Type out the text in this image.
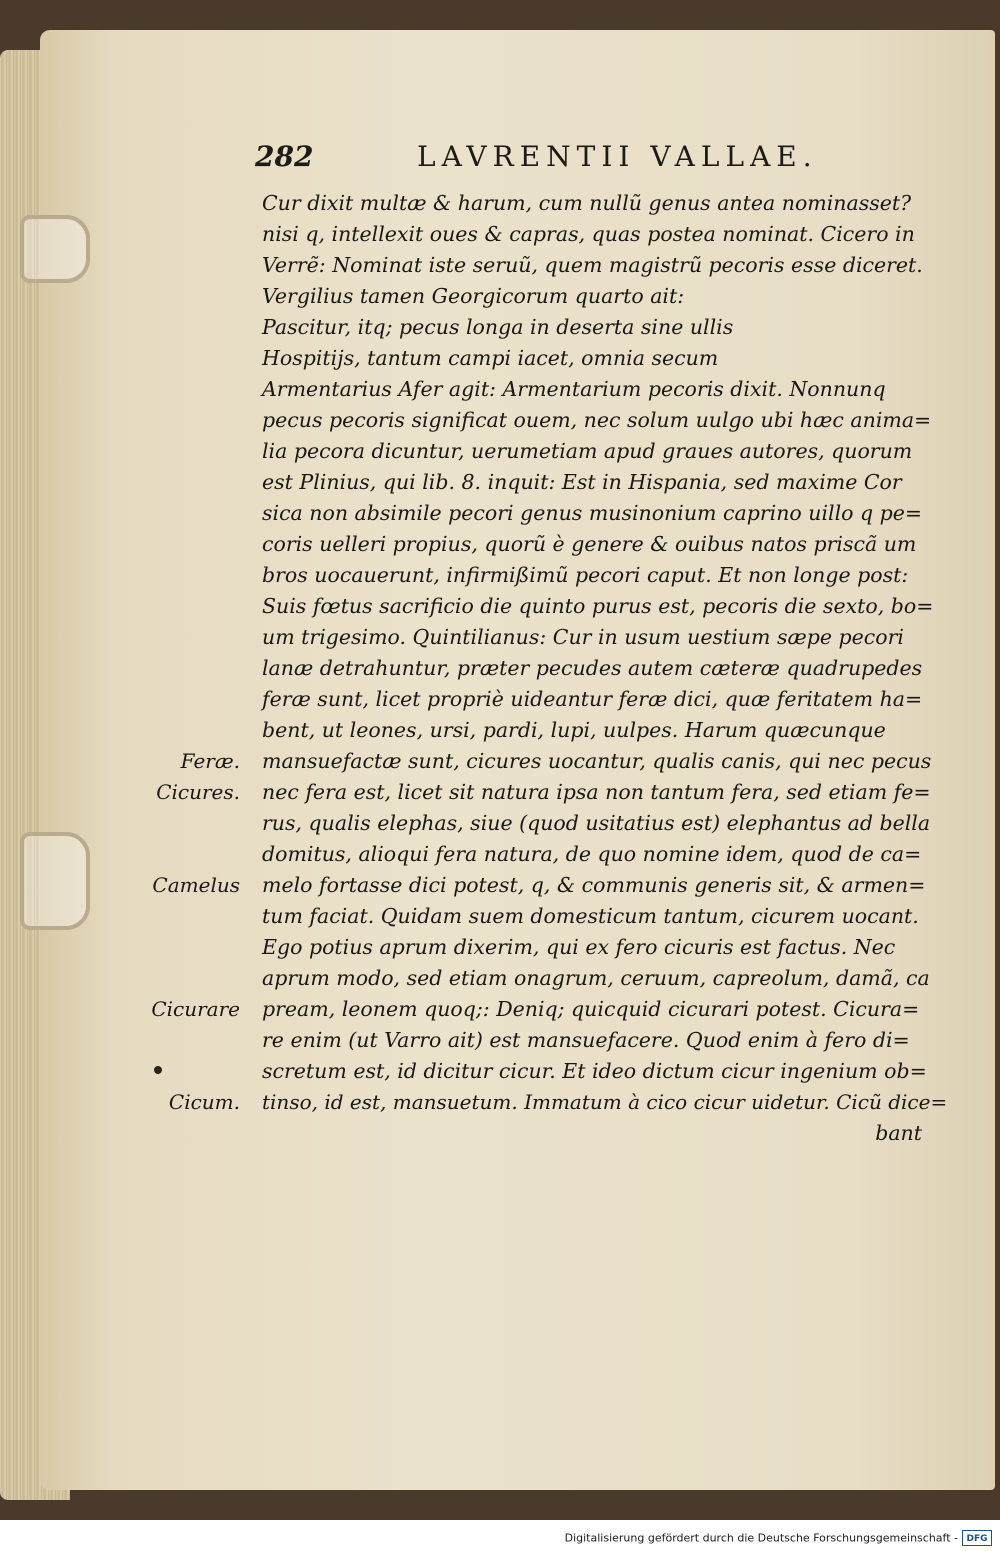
282	LAVRENTII VALLAE.
Cur dixit multæ & harum, cum nullũ genus antea nominasset?
nisi q, intellexit oues & capras, quas postea nominat. Cicero in
Verrẽ: Nominat iste seruũ, quem magistrũ pecoris esse diceret.
Vergilius tamen Georgicorum quarto ait:
Pascitur, itq; pecus longa in deserta sine ullis
Hospitijs, tantum campi iacet, omnia secum
Armentarius Afer agit: Armentarium pecoris dixit. Nonnunq
pecus pecoris significat ouem, nec solum uulgo ubi hæc anima=
lia pecora dicuntur, uerumetiam apud graues autores, quorum
est Plinius, qui lib. 8. inquit: Est in Hispania, sed maxime Cor
sica non absimile pecori genus musinonium caprino uillo q pe=
coris uelleri propius, quorũ è genere & ouibus natos priscã um
bros uocauerunt, infirmißimũ pecori caput. Et non longe post:
Suis fœtus sacrificio die quinto purus est, pecoris die sexto, bo=
um trigesimo. Quintilianus: Cur in usum uestium sæpe pecori
lanæ detrahuntur, præter pecudes autem cæteræ quadrupedes
feræ sunt, licet propriè uideantur feræ dici, quæ feritatem ha=
bent, ut leones, ursi, pardi, lupi, uulpes. Harum quæcunque
mansuefactæ sunt, cicures uocantur, qualis canis, qui nec pecus
nec fera est, licet sit natura ipsa non tantum fera, sed etiam fe=
rus, qualis elephas, siue (quod usitatius est) elephantus ad bella
domitus, alioqui fera natura, de quo nomine idem, quod de ca=
melo fortasse dici potest, q, & communis generis sit, & armen=
tum faciat. Quidam suem domesticum tantum, cicurem uocant.
Ego potius aprum dixerim, qui ex fero cicuris est factus. Nec
aprum modo, sed etiam onagrum, ceruum, capreolum, damã, ca
pream, leonem quoq;: Deniq; quicquid cicurari potest. Cicura=
re enim (ut Varro ait) est mansuefacere. Quod enim à fero di=
scretum est, id dicitur cicur. Et ideo dictum cicur ingenium ob=
tinso, id est, mansuetum. Immatum à cico cicur uidetur. Cicũ dice=
bant
Feræ.
Cicures.
Camelus
Cicurare
Cicum.
Digitalisierung gefördert durch die Deutsche Forschungsgemeinschaft - DFG
